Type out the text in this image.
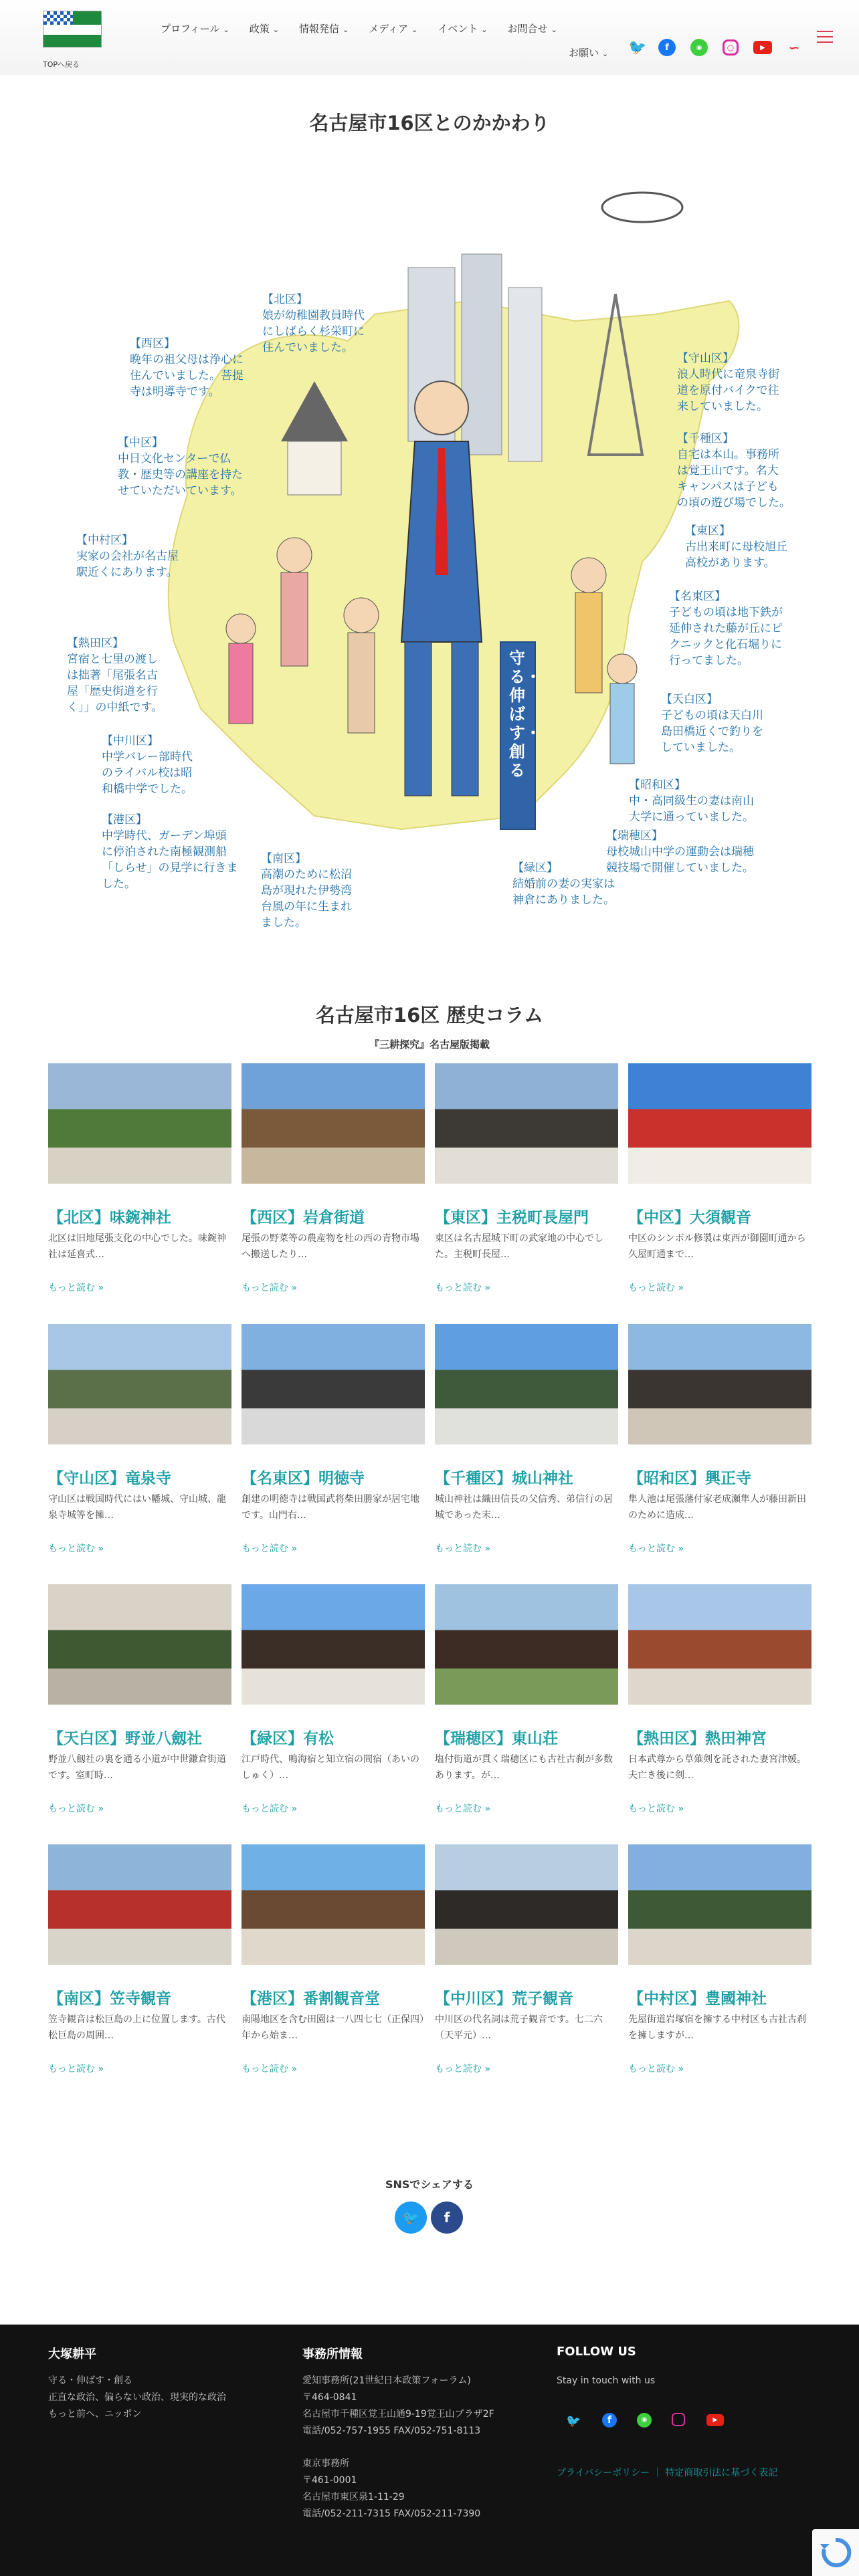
TOPへ戻る
プロフィール ⌄ 政策 ⌄ 情報発信 ⌄ メディア ⌄ イベント ⌄ お問合せ ⌄
お願い ⌄ 🐦	f	◉	○	▶	∽
名古屋市16区とのかかわり
守る・伸ばす・創る
【北区】
娘が幼稚園教員時代
にしばらく杉栄町に
住んでいました。
【西区】
晩年の祖父母は浄心に
住んでいました。菩提
寺は明導寺です。
【中区】
中日文化センターで仏
教・歴史等の講座を持た
せていただいています。
【中村区】
実家の会社が名古屋
駅近くにあります。
【熱田区】
宮宿と七里の渡し
は拙著「尾張名古
屋「歴史街道を行
く」」の中紙です。
【中川区】
中学バレー部時代
のライバル校は昭
和橋中学でした。
【港区】
中学時代、ガーデン埠頭
に停泊された南極観測船
「しらせ」の見学に行きま
した。
【南区】
高潮のために松沼
島が現れた伊勢湾
台風の年に生まれ
ました。
【緑区】
結婚前の妻の実家は
神倉にありました。
【守山区】
浪人時代に竜泉寺街
道を原付バイクで往
来していました。
【千種区】
自宅は本山。事務所
は覚王山です。名大
キャンパスは子ども
の頃の遊び場でした。
【東区】
古出来町に母校旭丘
高校があります。
【名東区】
子どもの頃は地下鉄が
延伸された藤が丘にピ
クニックと化石堀りに
行ってました。
【天白区】
子どもの頃は天白川
島田橋近くで釣りを
していました。
【昭和区】
中・高同級生の妻は南山
大学に通っていました。
【瑞穂区】
母校城山中学の運動会は瑞穂
競技場で開催していました。
名古屋市16区 歴史コラム
『三耕探究』名古屋版掲載
【北区】味鋺神社
北区は旧地尾張支化の中心でした。味鋺神社は延喜式…
もっと読む »
【西区】岩倉街道
尾張の野菜等の農産物を杜の西の青物市場へ搬送したり…
もっと読む »
【東区】主税町長屋門
東区は名古屋城下町の武家地の中心でした。主税町長屋…
もっと読む »
【中区】大須観音
中区のシンボル修製は東西が御園町通から久屋町通まで…
もっと読む »
【守山区】竜泉寺
守山区は戦国時代にはい幡城、守山城、龍泉寺城等を擁…
もっと読む »
【名東区】明徳寺
創建の明徳寺は戦国武将柴田勝家が居宅地です。山門右…
もっと読む »
【千種区】城山神社
城山神社は織田信長の父信秀、弟信行の居城であった末…
もっと読む »
【昭和区】興正寺
隼人池は尾張藩付家老成瀬隼人が藤田新田のために造成…
もっと読む »
【天白区】野並八劔社
野並八劔社の裏を通る小道が中世鎌倉街道です。室町時…
もっと読む »
【緑区】有松
江戸時代、鳴海宿と知立宿の間宿（あいのしゅく）…
もっと読む »
【瑞穂区】東山荘
塩付街道が貫く瑞穂区にも古社古刹が多数あります。が…
もっと読む »
【熱田区】熱田神宮
日本武尊から草薙剣を託された妻宮津媛。夫亡き後に剣…
もっと読む »
【南区】笠寺観音
笠寺観音は松巨島の上に位置します。古代松巨島の周囲…
もっと読む »
【港区】番割観音堂
南陽地区を含む田園は一八四七七（正保四）年から始ま…
もっと読む »
【中川区】荒子観音
中川区の代名詞は荒子観音です。七二六（天平元）…
もっと読む »
【中村区】豊國神社
先屋街道岩塚宿を擁する中村区も古社古刹を擁しますが…
もっと読む »
SNSでシェアする
🐦 f
大塚耕平
守る・伸ばす・創る
正直な政治、偏らない政治、現実的な政治
もっと前へ、ニッポン
事務所情報
愛知事務所(21世紀日本政策フォーラム)
〒464-0841
名古屋市千種区覚王山通9-19覚王山プラザ2F
電話/052-757-1955 FAX/052-751-8113
東京事務所
〒461-0001
名古屋市東区泉1-11-29
電話/052-211-7315 FAX/052-211-7390
FOLLOW US
Stay in touch with us
🐦	f	◉	▶
プライバシーポリシー ｜ 特定商取引法に基づく表記
